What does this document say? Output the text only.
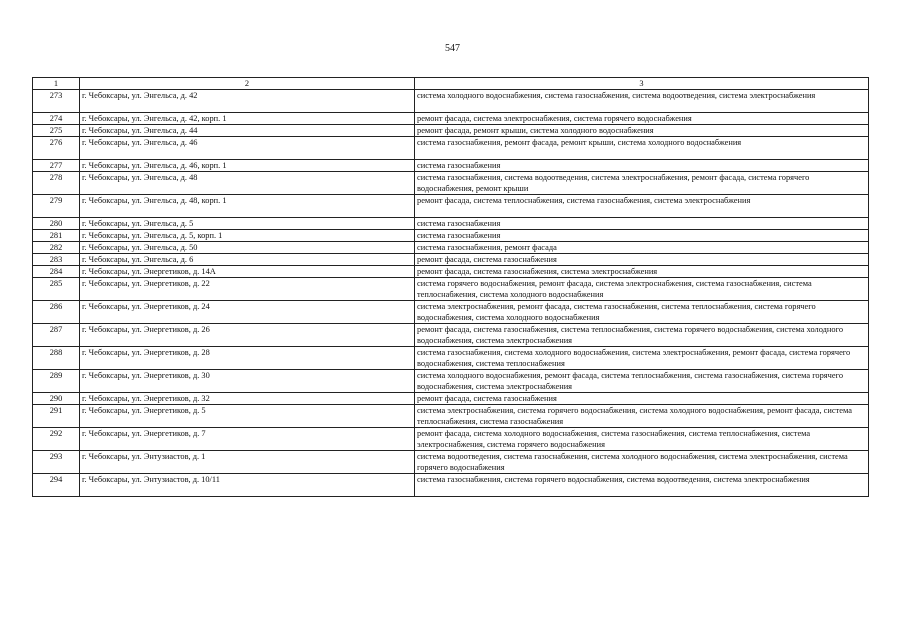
547
1	2	3
273	г. Чебоксары, ул. Энгельса, д. 42	система холодного водоснабжения, система газоснабжения, система водоотведения, система электроснабжения
274	г. Чебоксары, ул. Энгельса, д. 42, корп. 1	ремонт фасада, система электроснабжения, система горячего водоснабжения
275	г. Чебоксары, ул. Энгельса, д. 44	ремонт фасада, ремонт крыши, система холодного водоснабжения
276	г. Чебоксары, ул. Энгельса, д. 46	система газоснабжения, ремонт фасада, ремонт крыши, система холодного водоснабжения
277	г. Чебоксары, ул. Энгельса, д. 46, корп. 1	система газоснабжения
278	г. Чебоксары, ул. Энгельса, д. 48	система газоснабжения, система водоотведения, система электроснабжения, ремонт фасада, система горячего водоснабжения, ремонт крыши
279	г. Чебоксары, ул. Энгельса, д. 48, корп. 1	ремонт фасада, система теплоснабжения, система газоснабжения, система электроснабжения
280	г. Чебоксары, ул. Энгельса, д. 5	система газоснабжения
281	г. Чебоксары, ул. Энгельса, д. 5, корп. 1	система газоснабжения
282	г. Чебоксары, ул. Энгельса, д. 50	система газоснабжения, ремонт фасада
283	г. Чебоксары, ул. Энгельса, д. 6	ремонт фасада, система газоснабжения
284	г. Чебоксары, ул. Энергетиков, д. 14А	ремонт фасада, система газоснабжения, система электроснабжения
285	г. Чебоксары, ул. Энергетиков, д. 22	система горячего водоснабжения, ремонт фасада, система электроснабжения, система газоснабжения, система теплоснабжения, система холодного водоснабжения
286	г. Чебоксары, ул. Энергетиков, д. 24	система электроснабжения, ремонт фасада, система газоснабжения, система теплоснабжения, система горячего водоснабжения, система холодного водоснабжения
287	г. Чебоксары, ул. Энергетиков, д. 26	ремонт фасада, система газоснабжения, система теплоснабжения, система горячего водоснабжения, система холодного водоснабжения, система электроснабжения
288	г. Чебоксары, ул. Энергетиков, д. 28	система газоснабжения, система холодного водоснабжения, система электроснабжения, ремонт фасада, система горячего водоснабжения, система теплоснабжения
289	г. Чебоксары, ул. Энергетиков, д. 30	система холодного водоснабжения, ремонт фасада, система теплоснабжения, система газоснабжения, система горячего водоснабжения, система электроснабжения
290	г. Чебоксары, ул. Энергетиков, д. 32	ремонт фасада, система газоснабжения
291	г. Чебоксары, ул. Энергетиков, д. 5	система электроснабжения, система горячего водоснабжения, система холодного водоснабжения, ремонт фасада, система теплоснабжения, система газоснабжения
292	г. Чебоксары, ул. Энергетиков, д. 7	ремонт фасада, система холодного водоснабжения, система газоснабжения, система теплоснабжения, система электроснабжения, система горячего водоснабжения
293	г. Чебоксары, ул. Энтузиастов, д. 1	система водоотведения, система газоснабжения, система холодного водоснабжения, система электроснабжения, система горячего водоснабжения
294	г. Чебоксары, ул. Энтузиастов, д. 10/11	система газоснабжения, система горячего водоснабжения, система водоотведения, система электроснабжения
